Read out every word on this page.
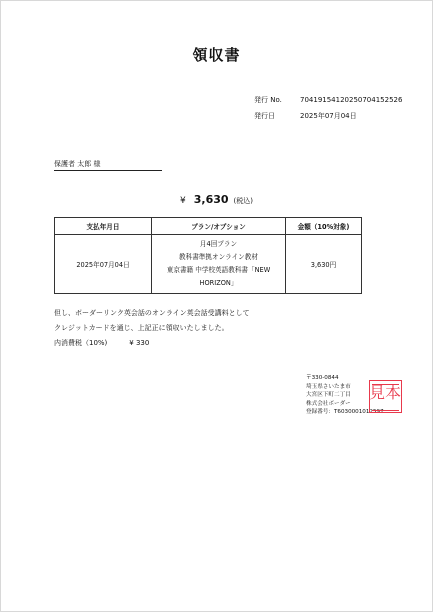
領収書
発行 No.	70419154120250704152526
発行日	2025年07月04日
保護者 太郎 様
¥ 3,630 (税込)
支払年月日	プラン/オプション	金額（10%対象)
2025年07月04日	月4回プラン
教科書準拠オンライン教材
東京書籍 中学校英語教科書「NEW
HORIZON」	3,630円
但し、ボーダーリンク英会話のオンライン英会話受講料として
クレジットカードを通じ、上記正に領収いたしました。
内消費税（10%)	¥ 330
〒330-0844
埼玉県さいたま市
大宮区下町二丁目
株式会社ボーダー
登録番号：T6030001012597
見本
